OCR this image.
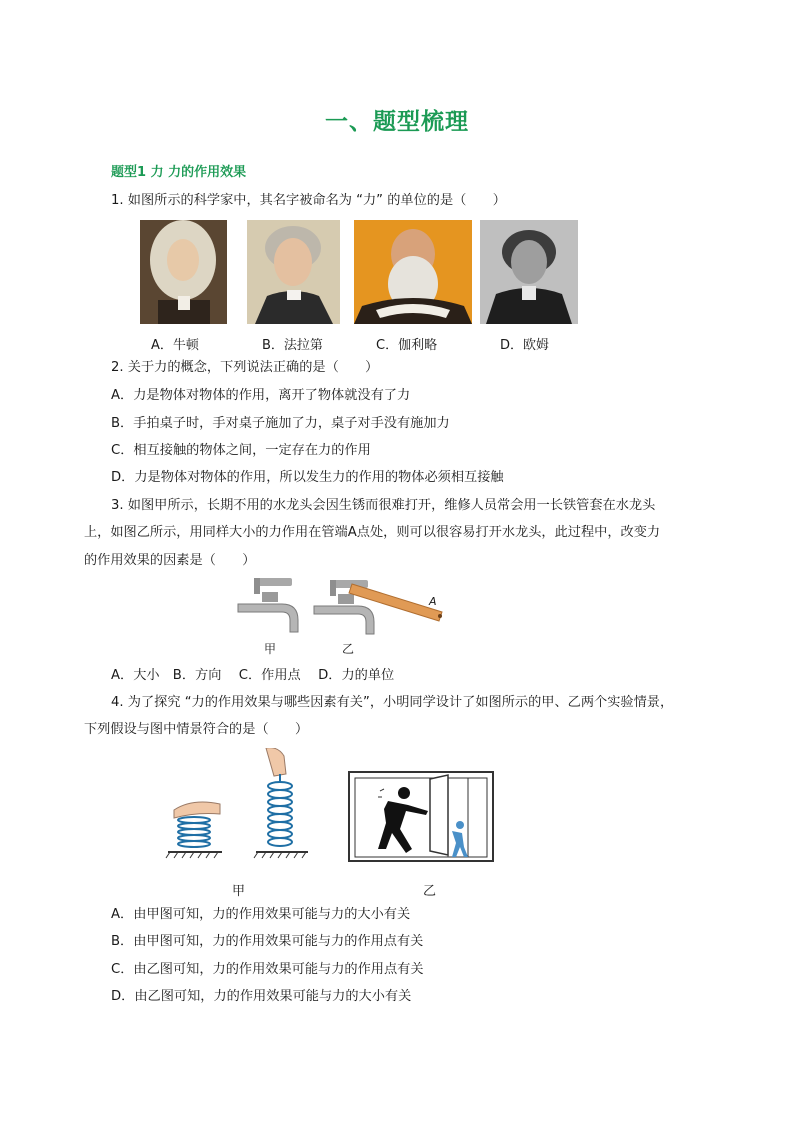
一、题型梳理
题型1 力 力的作用效果
1. 如图所示的科学家中，其名字被命名为 “力” 的单位的是（　　）
A．牛顿	B．法拉第	C．伽利略	D．欧姆
2. 关于力的概念，下列说法正确的是（　　）
A．力是物体对物体的作用，离开了物体就没有了力
B．手拍桌子时，手对桌子施加了力，桌子对手没有施加力
C．相互接触的物体之间，一定存在力的作用
D．力是物体对物体的作用，所以发生力的作用的物体必须相互接触
3. 如图甲所示，长期不用的水龙头会因生锈而很难打开，维修人员常会用一长铁管套在水龙头
上，如图乙所示，用同样大小的力作用在管端A点处，则可以很容易打开水龙头，此过程中，改变力
的作用效果的因素是（　　）
甲	乙
A
A．大小　B．方向　 C．作用点　 D．力的单位
4. 为了探究 “力的作用效果与哪些因素有关”，小明同学设计了如图所示的甲、乙两个实验情景，
下列假设与图中情景符合的是（　　）
甲	乙
A．由甲图可知，力的作用效果可能与力的大小有关
B．由甲图可知，力的作用效果可能与力的作用点有关
C．由乙图可知，力的作用效果可能与力的作用点有关
D．由乙图可知，力的作用效果可能与力的大小有关
